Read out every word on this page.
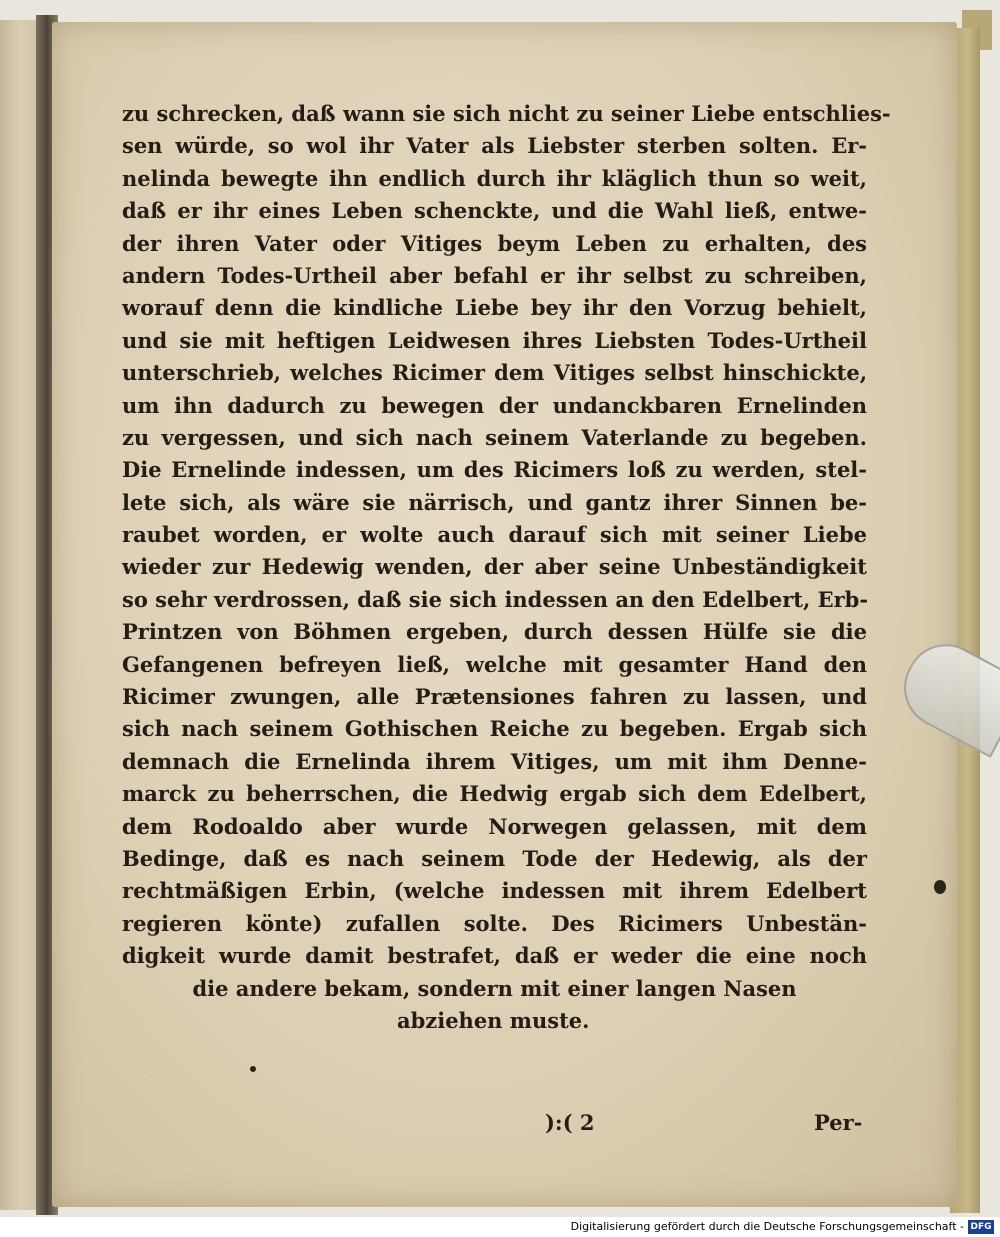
zu schrecken, daß wann sie sich nicht zu seiner Liebe entschlies-
sen würde, so wol ihr Vater als Liebster sterben solten. Er-
nelinda bewegte ihn endlich durch ihr kläglich thun so weit,
daß er ihr eines Leben schenckte, und die Wahl ließ, entwe-
der ihren Vater oder Vitiges beym Leben zu erhalten, des
andern Todes-Urtheil aber befahl er ihr selbst zu schreiben,
worauf denn die kindliche Liebe bey ihr den Vorzug behielt,
und sie mit heftigen Leidwesen ihres Liebsten Todes-Urtheil
unterschrieb, welches Ricimer dem Vitiges selbst hinschickte,
um ihn dadurch zu bewegen der undanckbaren Ernelinden
zu vergessen, und sich nach seinem Vaterlande zu begeben.
Die Ernelinde indessen, um des Ricimers loß zu werden, stel-
lete sich, als wäre sie närrisch, und gantz ihrer Sinnen be-
raubet worden, er wolte auch darauf sich mit seiner Liebe
wieder zur Hedewig wenden, der aber seine Unbeständigkeit
so sehr verdrossen, daß sie sich indessen an den Edelbert, Erb-
Printzen von Böhmen ergeben, durch dessen Hülfe sie die
Gefangenen befreyen ließ, welche mit gesamter Hand den
Ricimer zwungen, alle Prætensiones fahren zu lassen, und
sich nach seinem Gothischen Reiche zu begeben. Ergab sich
demnach die Ernelinda ihrem Vitiges, um mit ihm Denne-
marck zu beherrschen, die Hedwig ergab sich dem Edelbert,
dem Rodoaldo aber wurde Norwegen gelassen, mit dem
Bedinge, daß es nach seinem Tode der Hedewig, als der
rechtmäßigen Erbin, (welche indessen mit ihrem Edelbert
regieren könte) zufallen solte. Des Ricimers Unbestän-
digkeit wurde damit bestrafet, daß er weder die eine noch
die andere bekam, sondern mit einer langen Nasen
abziehen muste.
. . . .
):( 2	Per-
Digitalisierung gefördert durch die Deutsche Forschungsgemeinschaft - DFG
